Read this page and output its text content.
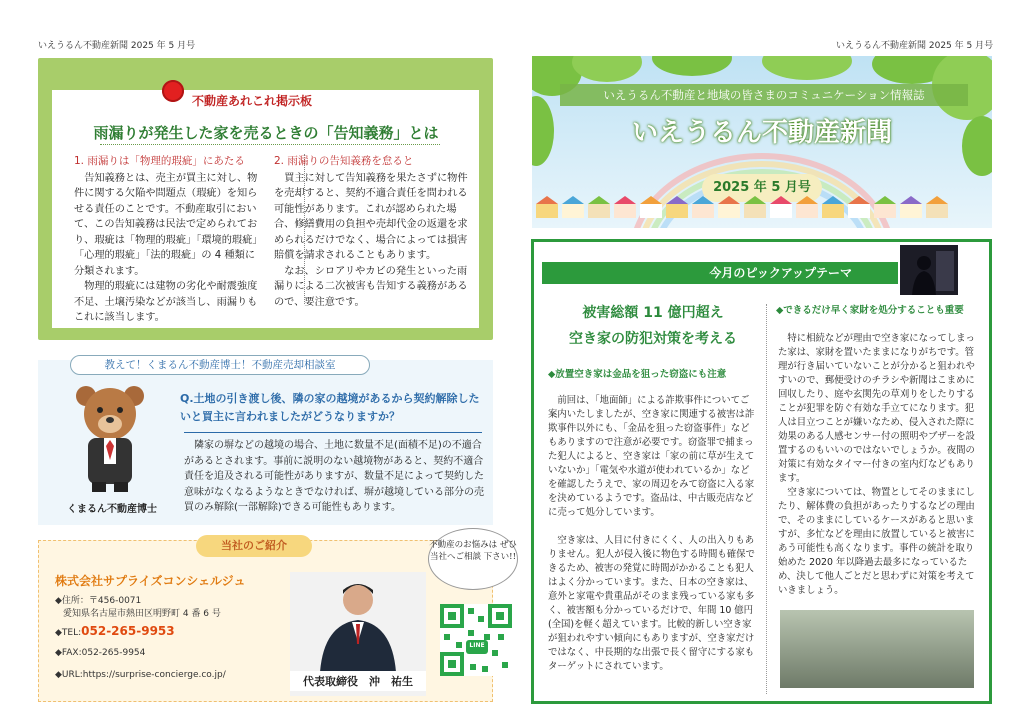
いえうるん不動産新聞 2025 年 5 月号	いえうるん不動産新聞 2025 年 5 月号
不動産あれこれ掲示板
雨漏りが発生した家を売るときの「告知義務」とは
1. 雨漏りは「物理的瑕疵」にあたる

告知義務とは、売主が買主に対し、物件に関する欠陥や問題点（瑕疵）を知らせる責任のことです。不動産取引において、この告知義務は民法で定められており、瑕疵は「物理的瑕疵」「環境的瑕疵」「心理的瑕疵」「法的瑕疵」の 4 種類に分類されます。

物理的瑕疵には建物の劣化や耐震強度不足、土壌汚染などが該当し、雨漏りもこれに該当します。

2. 雨漏りの告知義務を怠ると

買主に対して告知義務を果たさずに物件を売却すると、契約不適合責任を問われる可能性があります。これが認められた場合、修繕費用の負担や売却代金の返還を求められるだけでなく、場合によっては損害賠償を請求されることもあります。

なお、シロアリやカビの発生といった雨漏りによる二次被害も告知する義務があるので、要注意です。

教えて！くまるん不動産博士！不動産売却相談室
くまるん不動産博士
Q.土地の引き渡し後、隣の家の越境があるから契約解除したいと買主に言われましたがどうなりますか？
隣家の塀などの越境の場合、土地に数量不足(面積不足)の不適合があるとされます。事前に説明のない越境物があると、契約不適合責任を追及される可能性がありますが、数量不足によって契約した意味がなくなるようなときでなければ、塀が越境している部分の売買のみ解除(一部解除)できる可能性もあります。
当社のご紹介
株式会社サプライズコンシェルジュ
◆住所：〒456-0071
愛知県名古屋市熱田区明野町 4 番 6 号
◆TEL:052-265-9953
◆FAX:052-265-9954
◆URL:https://surprise-concierge.co.jp/	代表取締役　沖　祐生
不動産のお悩みは ぜひ当社へご相談 下さい!!
LINE
いえうるん不動産と地域の皆さまのコミュニケーション情報誌
いえうるん不動産新聞
2025 年 5 月号
今月のピックアップテーマ
被害総額 11 億円超え
空き家の防犯対策を考える
◆放置空き家は金品を狙った窃盗にも注意
前回は、「地面師」による詐欺事件についてご案内いたしましたが、空き家に関連する被害は詐欺事件以外にも、「金品を狙った窃盗事件」などもありますので注意が必要です。窃盗罪で捕まった犯人によると、空き家は「家の前に草が生えていないか」「電気や水道が使われているか」などを確認したうえで、家の周辺をみて窃盗に入る家を決めているようです。盗品は、中古販売店などに売って処分しています。
空き家は、人目に付きにくく、人の出入りもありません。犯人が侵入後に物色する時間も確保できるため、被害の発覚に時間がかかることも犯人はよく分かっています。また、日本の空き家は、意外と家電や貴重品がそのまま残っている家も多く、被害額も分かっているだけで、年間 10 億円(全国)を軽く超えています。比較的新しい空き家が狙われやすい傾向にもありますが、空き家だけではなく、中長期的な出張で長く留守にする家もターゲットにされています。
◆できるだけ早く家財を処分することも重要
特に相続などが理由で空き家になってしまった家は、家財を置いたままになりがちです。管理が行き届いていないことが分かると狙われやすいので、郵便受けのチラシや新聞はこまめに回収したり、庭や玄関先の草刈りをしたりすることが犯罪を防ぐ有効な手立てになります。犯人は目立つことが嫌いなため、侵入された際に効果のある人感センサー付の照明やブザーを設置するのもいいのではないでしょうか。夜間の対策に有効なタイマー付きの室内灯などもあります。
空き家については、物置としてそのままにしたり、解体費の負担があったりするなどの理由で、そのままにしているケースがあると思いますが、多忙などを理由に放置していると被害にあう可能性も高くなります。事件の統計を取り始めた 2020 年以降過去最多になっているため、決して他人ごとだと思わずに対策を考えていきましょう。
